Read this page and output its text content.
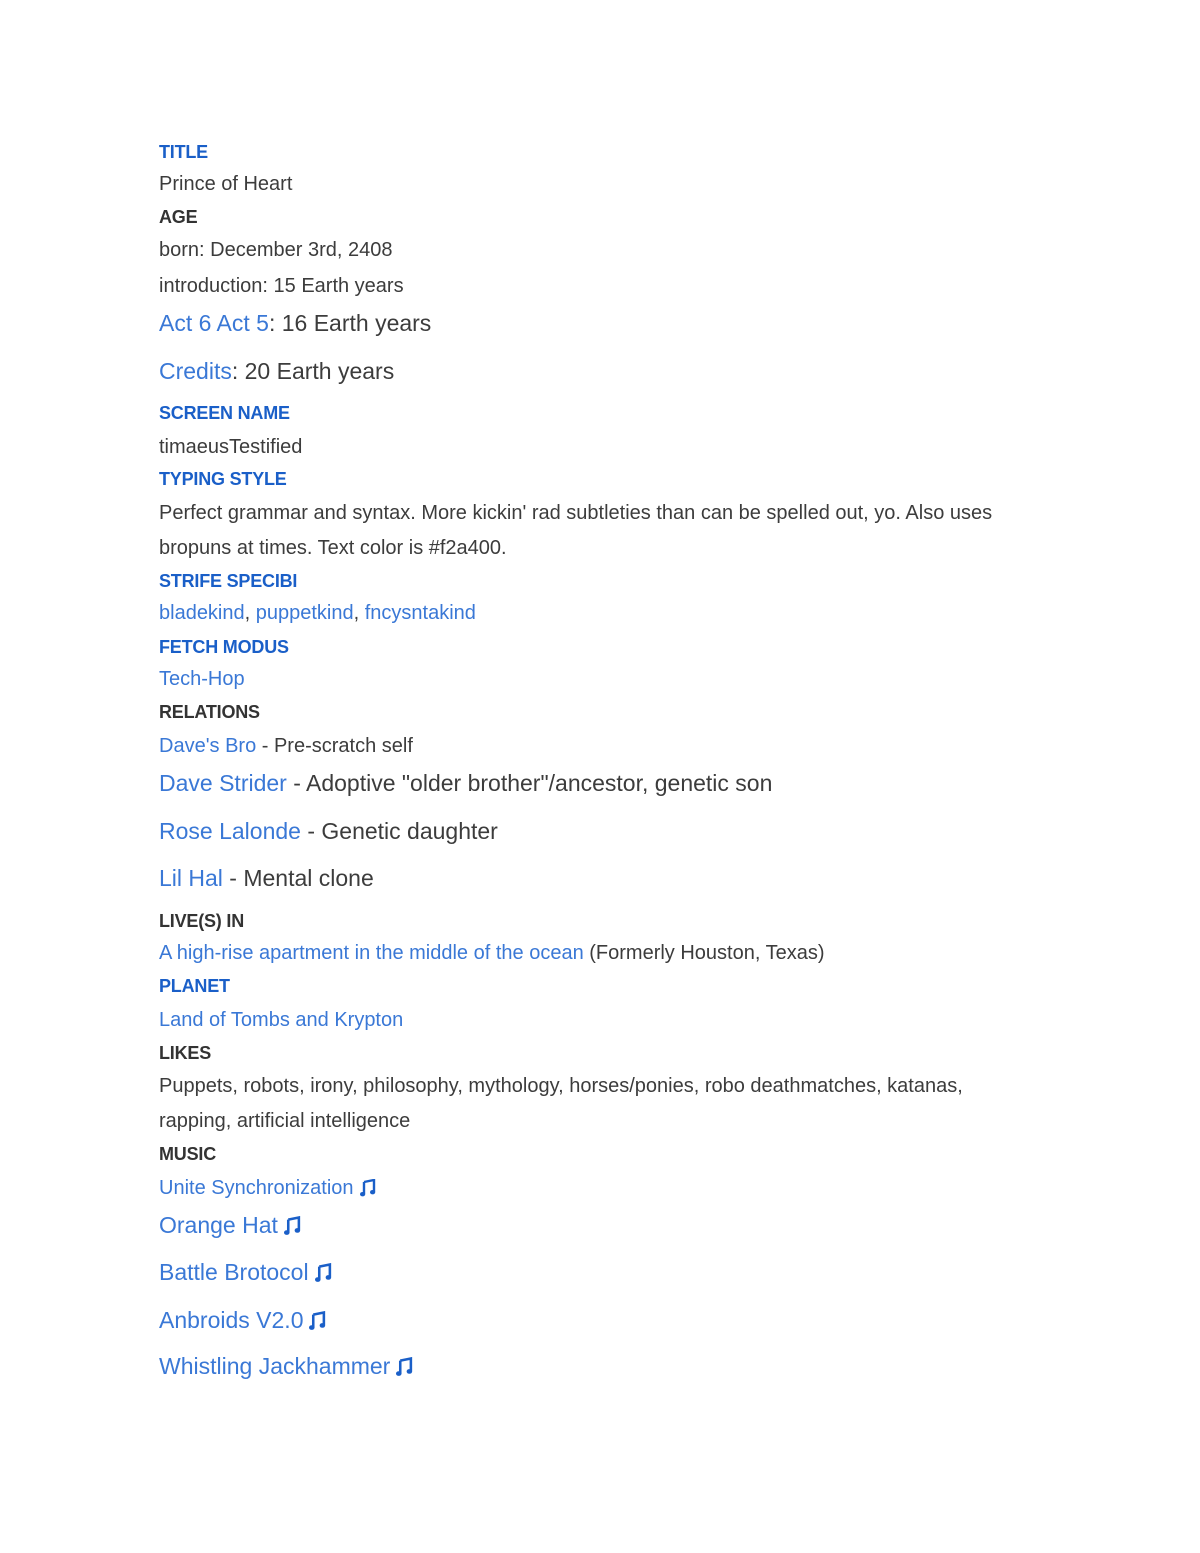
TITLE
Prince of Heart
AGE
born: December 3rd, 2408
introduction: 15 Earth years
Act 6 Act 5: 16 Earth years
Credits: 20 Earth years
SCREEN NAME
timaeusTestified
TYPING STYLE
Perfect grammar and syntax. More kickin' rad subtleties than can be spelled out, yo. Also uses
bropuns at times. Text color is #f2a400.
STRIFE SPECIBI
bladekind, puppetkind, fncysntakind
FETCH MODUS
Tech-Hop
RELATIONS
Dave's Bro - Pre-scratch self
Dave Strider - Adoptive "older brother"/ancestor, genetic son
Rose Lalonde - Genetic daughter
Lil Hal - Mental clone
LIVE(S) IN
A high-rise apartment in the middle of the ocean (Formerly Houston, Texas)
PLANET
Land of Tombs and Krypton
LIKES
Puppets, robots, irony, philosophy, mythology, horses/ponies, robo deathmatches, katanas,
rapping, artificial intelligence
MUSIC
Unite Synchronization
Orange Hat
Battle Brotocol
Anbroids V2.0
Whistling Jackhammer
